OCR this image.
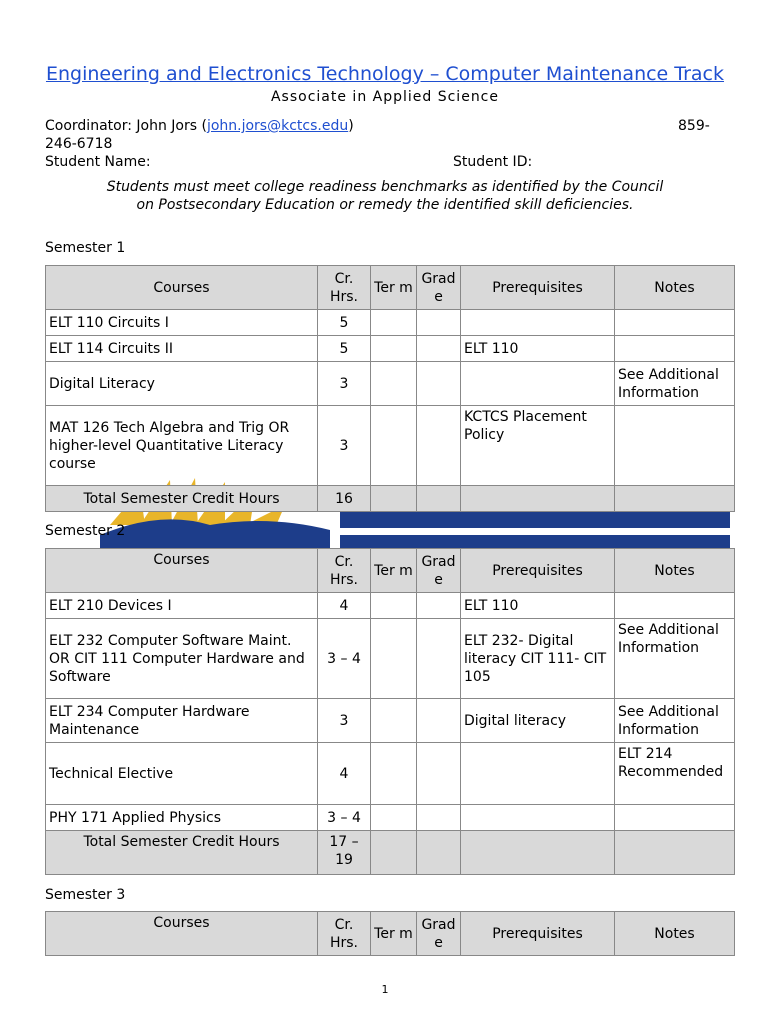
Engineering and Electronics Technology – Computer Maintenance Track
Associate in Applied Science
Coordinator: John Jors (john.jors@kctcs.edu)	859-
246-6718
Student Name:	Student ID:
Students must meet college readiness benchmarks as identified by the Council on Postsecondary Education or remedy the identified skill deficiencies.
Semester 1
Courses	Cr. Hrs.	Ter m	Grad e	Prerequisites	Notes
ELT 110 Circuits I	5				
ELT 114 Circuits II	5			ELT 110	
Digital Literacy	3				See Additional Information
MAT 126 Tech Algebra and Trig OR higher-level Quantitative Literacy course	3			KCTCS Placement Policy	
Total Semester Credit Hours	16				
Semester 2
Courses	Cr. Hrs.	Ter m	Grad e	Prerequisites	Notes
ELT 210 Devices I	4			ELT 110	
ELT 232 Computer Software Maint. OR CIT 111 Computer Hardware and Software	3 – 4			ELT 232- Digital literacy CIT 111- CIT 105	See Additional Information
ELT 234 Computer Hardware Maintenance	3			Digital literacy	See Additional Information
Technical Elective	4				ELT 214 Recommended
PHY 171 Applied Physics	3 – 4				
Total Semester Credit Hours	17 – 19				
Semester 3
Courses	Cr. Hrs.	Ter m	Grad e	Prerequisites	Notes
1
